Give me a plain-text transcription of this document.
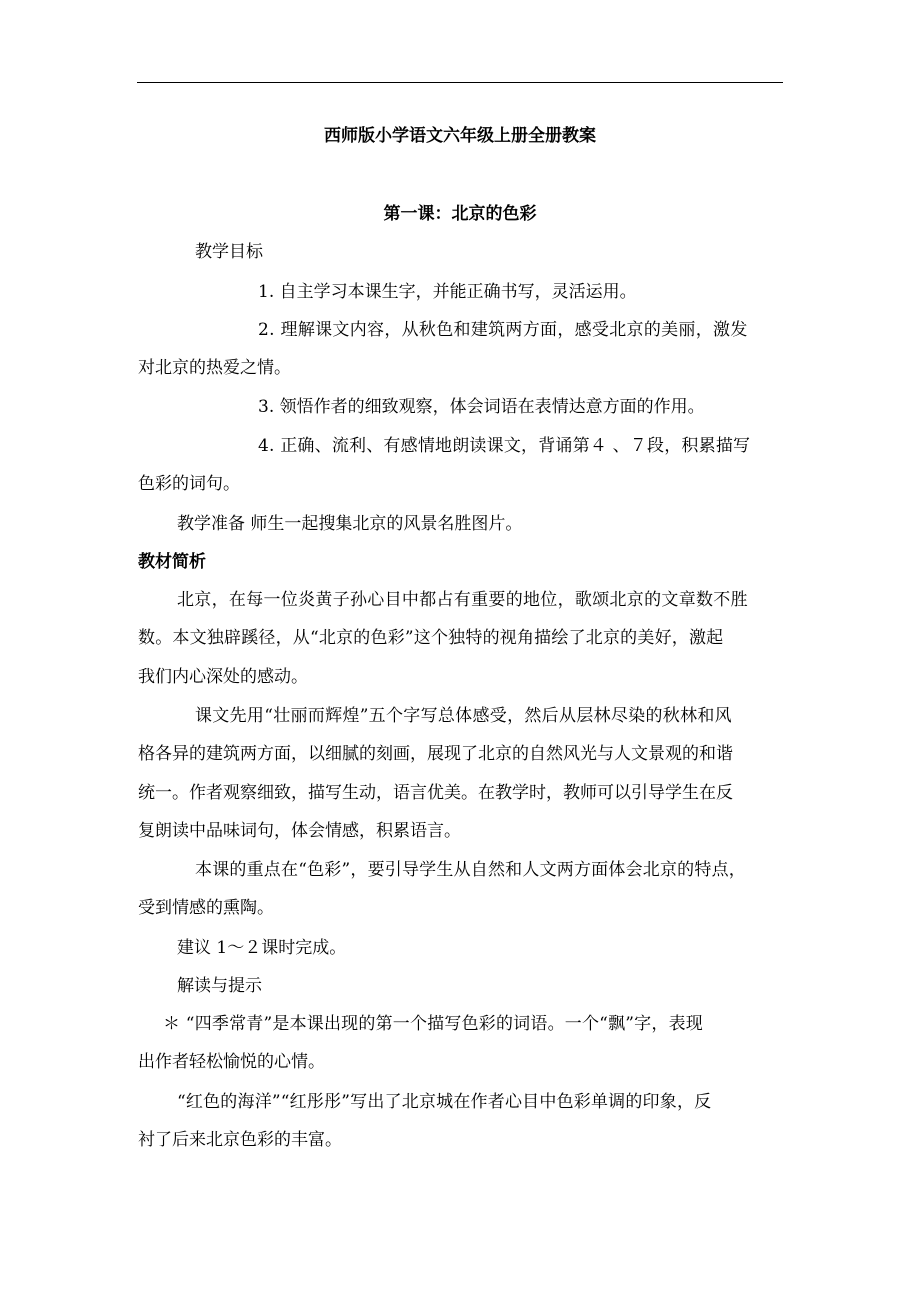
西师版小学语文六年级上册全册教案
第一课：北京的色彩
教学目标
1. 自主学习本课生字，并能正确书写，灵活运用。
2. 理解课文内容，从秋色和建筑两方面，感受北京的美丽，激发
对北京的热爱之情。
3. 领悟作者的细致观察，体会词语在表情达意方面的作用。
4. 正确、流利、有感情地朗读课文，背诵第４ 、７段，积累描写
色彩的词句。
教学准备 师生一起搜集北京的风景名胜图片。
教材简析
北京，在每一位炎黄子孙心目中都占有重要的地位，歌颂北京的文章数不胜
数。本文独辟蹊径，从“北京的色彩”这个独特的视角描绘了北京的美好，激起
我们内心深处的感动。
课文先用“壮丽而辉煌”五个字写总体感受，然后从层林尽染的秋林和风
格各异的建筑两方面，以细腻的刻画，展现了北京的自然风光与人文景观的和谐
统一。作者观察细致，描写生动，语言优美。在教学时，教师可以引导学生在反
复朗读中品味词句，体会情感，积累语言。
本课的重点在“色彩”，要引导学生从自然和人文两方面体会北京的特点，
受到情感的熏陶。
建议 1～２课时完成。
解读与提示
＊ “四季常青”是本课出现的第一个描写色彩的词语。一个“飘”字，表现
出作者轻松愉悦的心情。
“红色的海洋”“红彤彤”写出了北京城在作者心目中色彩单调的印象，反
衬了后来北京色彩的丰富。
